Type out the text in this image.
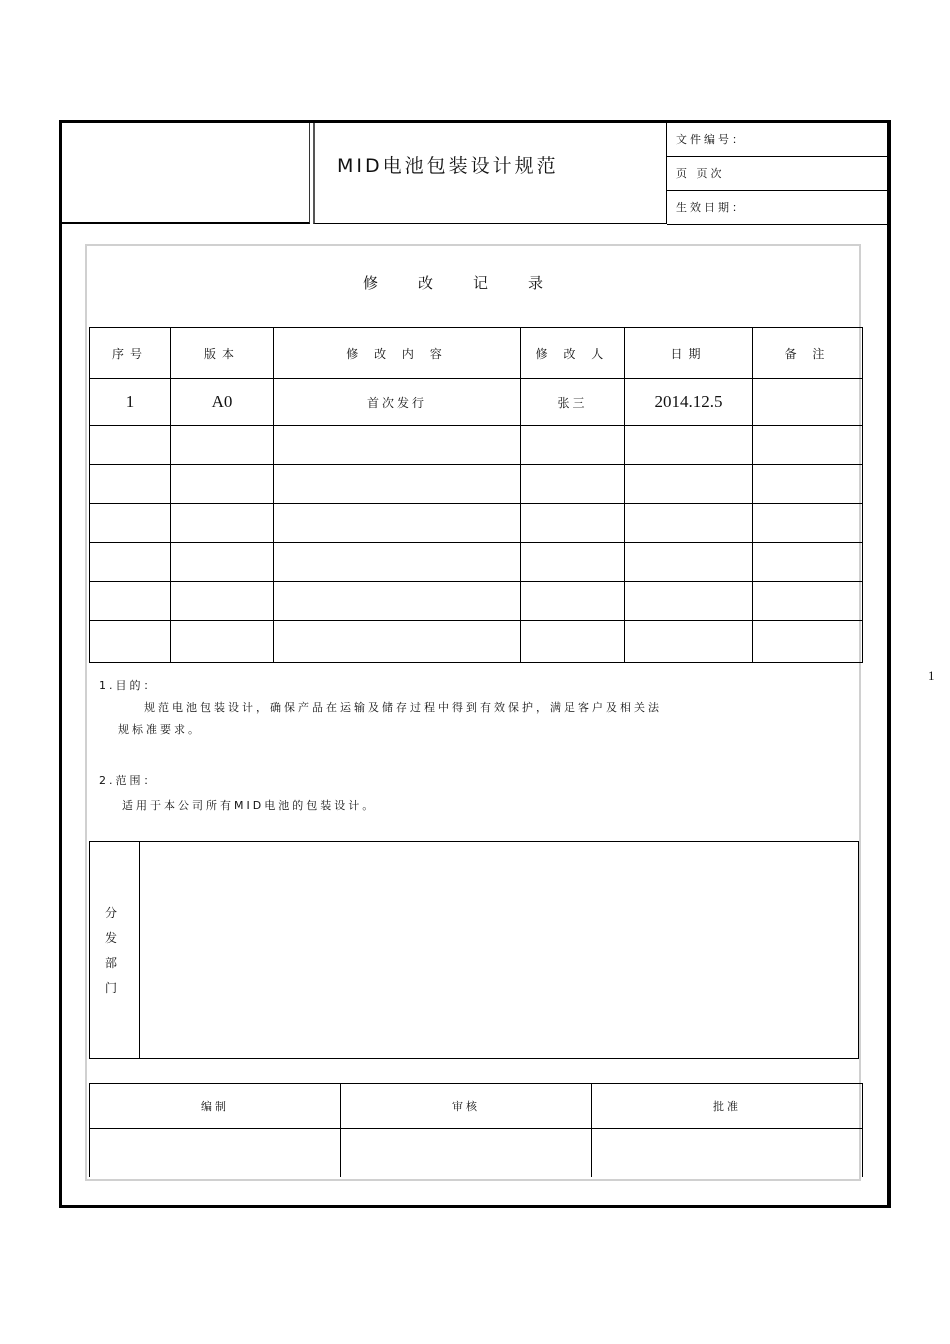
MID电池包装设计规范
文件编号：
页 页次
生效日期：
修改记录
序号	版本	修 改 内 容	修 改 人	日期	备 注
1	A0	首次发行	张三	2014.12.5	

1
1.目的：
规范电池包装设计，确保产品在运输及储存过程中得到有效保护，满足客户及相关法
规标准要求。
2.范围：
适用于本公司所有MID电池的包装设计。
分
发
部
门
编制	审核	批准
